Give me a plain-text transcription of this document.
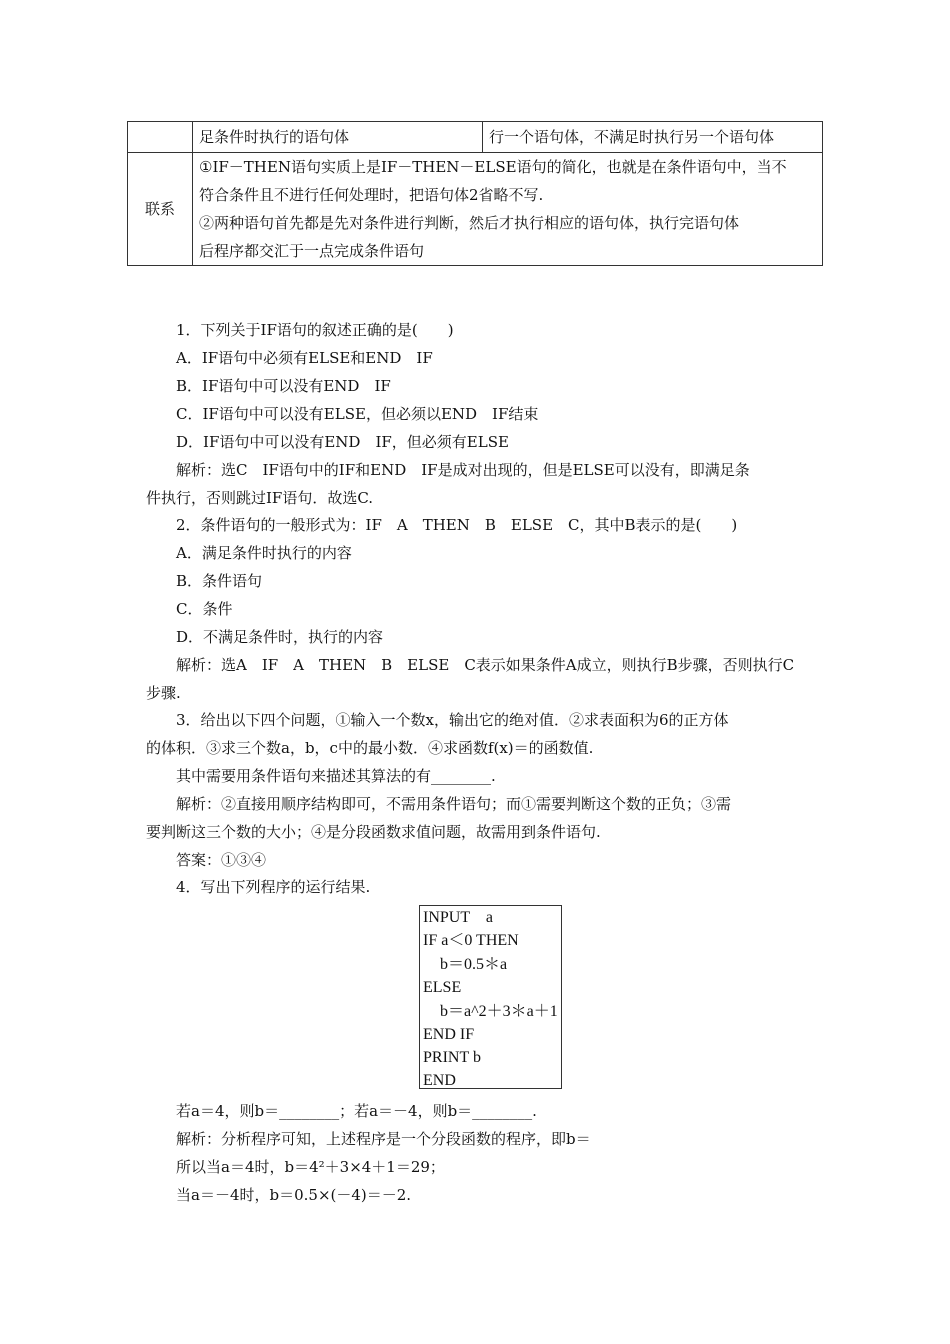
	足条件时执行的语句体	行一个语句体，不满足时执行另一个语句体
联系	①IF－THEN语句实质上是IF－THEN－ELSE语句的简化，也就是在条件语句中，当不
符合条件且不进行任何处理时，把语句体2省略不写.
②两种语句首先都是先对条件进行判断，然后才执行相应的语句体，执行完语句体
后程序都交汇于一点完成条件语句	
1．下列关于IF语句的叙述正确的是(　　)
A．IF语句中必须有ELSE和END　IF
B．IF语句中可以没有END　IF
C．IF语句中可以没有ELSE，但必须以END　IF结束
D．IF语句中可以没有END　IF，但必须有ELSE
解析：选C　IF语句中的IF和END　IF是成对出现的，但是ELSE可以没有，即满足条
件执行，否则跳过IF语句．故选C.
2．条件语句的一般形式为：IF　A　THEN　B　ELSE　C，其中B表示的是(　　)
A．满足条件时执行的内容
B．条件语句
C．条件
D．不满足条件时，执行的内容
解析：选A　IF　A　THEN　B　ELSE　C表示如果条件A成立，则执行B步骤，否则执行C
步骤.
3．给出以下四个问题，①输入一个数x，输出它的绝对值．②求表面积为6的正方体
的体积．③求三个数a，b，c中的最小数．④求函数f(x)＝的函数值.
其中需要用条件语句来描述其算法的有________.
解析：②直接用顺序结构即可，不需用条件语句；而①需要判断这个数的正负；③需
要判断这三个数的大小；④是分段函数求值问题，故需用到条件语句.
答案：①③④
4．写出下列程序的运行结果.
INPUT　a
IF a＜0 THEN
b＝0.5＊a
ELSE
b＝a^2＋3＊a＋1
END IF
PRINT b
END
若a＝4，则b＝________；若a＝－4，则b＝________.
解析：分析程序可知，上述程序是一个分段函数的程序，即b＝
所以当a＝4时，b＝4²＋3×4＋1＝29；
当a＝－4时，b＝0.5×(－4)＝－2.
